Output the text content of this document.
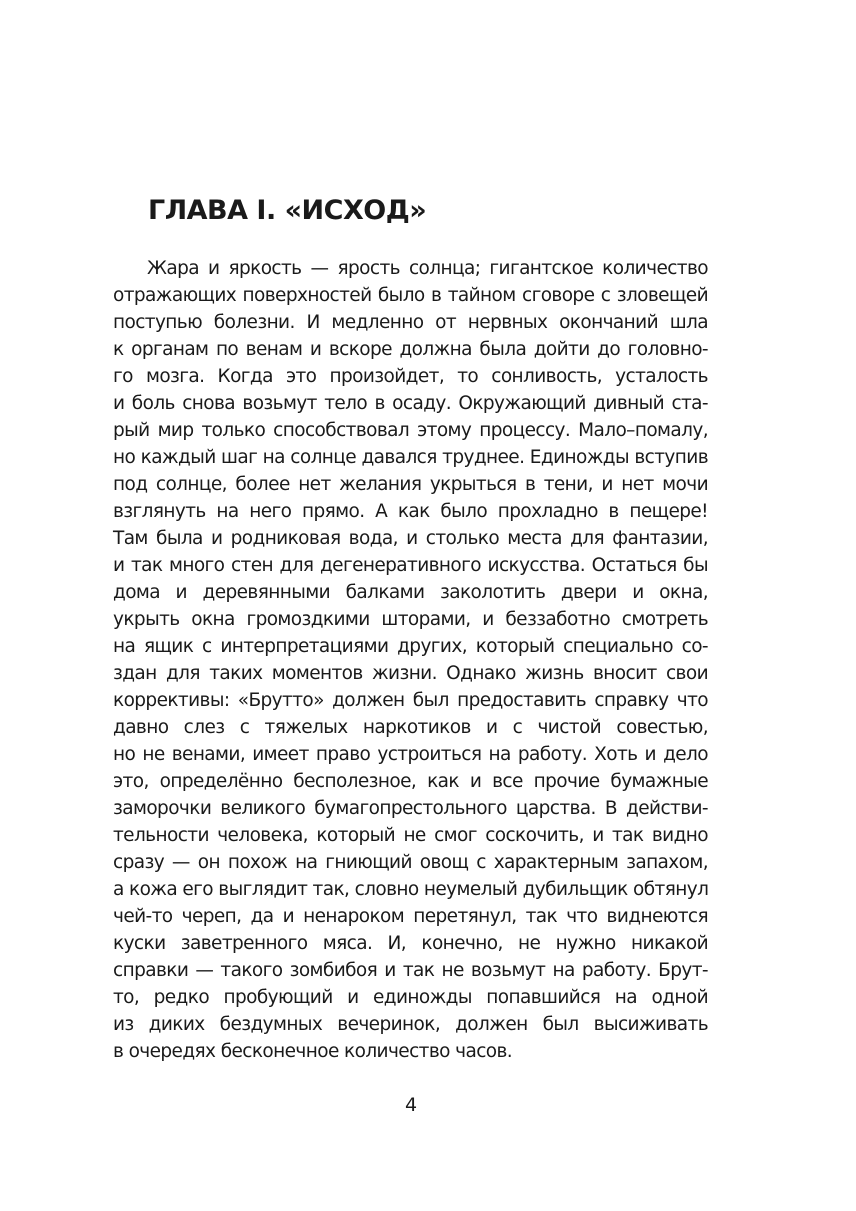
ГЛАВА I. «ИСХОД»
Жара и яркость — ярость солнца; гигантское количество
отражающих поверхностей было в тайном сговоре с зловещей
поступью болезни. И медленно от нервных окончаний шла
к органам по венам и вскоре должна была дойти до головно-
го мозга. Когда это произойдет, то сонливость, усталость
и боль снова возьмут тело в осаду. Окружающий дивный ста-
рый мир только способствовал этому процессу. Мало–помалу,
но каждый шаг на солнце давался труднее. Единожды вступив
под солнце, более нет желания укрыться в тени, и нет мочи
взглянуть на него прямо. А как было прохладно в пещере!
Там была и родниковая вода, и столько места для фантазии,
и так много стен для дегенеративного искусства. Остаться бы
дома и деревянными балками заколотить двери и окна,
укрыть окна громоздкими шторами, и беззаботно смотреть
на ящик с интерпретациями других, который специально со-
здан для таких моментов жизни. Однако жизнь вносит свои
коррективы: «Брутто» должен был предоставить справку что
давно слез с тяжелых наркотиков и с чистой совестью,
но не венами, имеет право устроиться на работу. Хоть и дело
это, определённо бесполезное, как и все прочие бумажные
заморочки великого бумагопрестольного царства. В действи-
тельности человека, который не смог соскочить, и так видно
сразу — он похож на гниющий овощ с характерным запахом,
а кожа его выглядит так, словно неумелый дубильщик обтянул
чей-то череп, да и ненароком перетянул, так что виднеются
куски заветренного мяса. И, конечно, не нужно никакой
справки — такого зомбибоя и так не возьмут на работу. Брут-
то, редко пробующий и единожды попавшийся на одной
из диких бездумных вечеринок, должен был высиживать
в очередях бесконечное количество часов.
4
